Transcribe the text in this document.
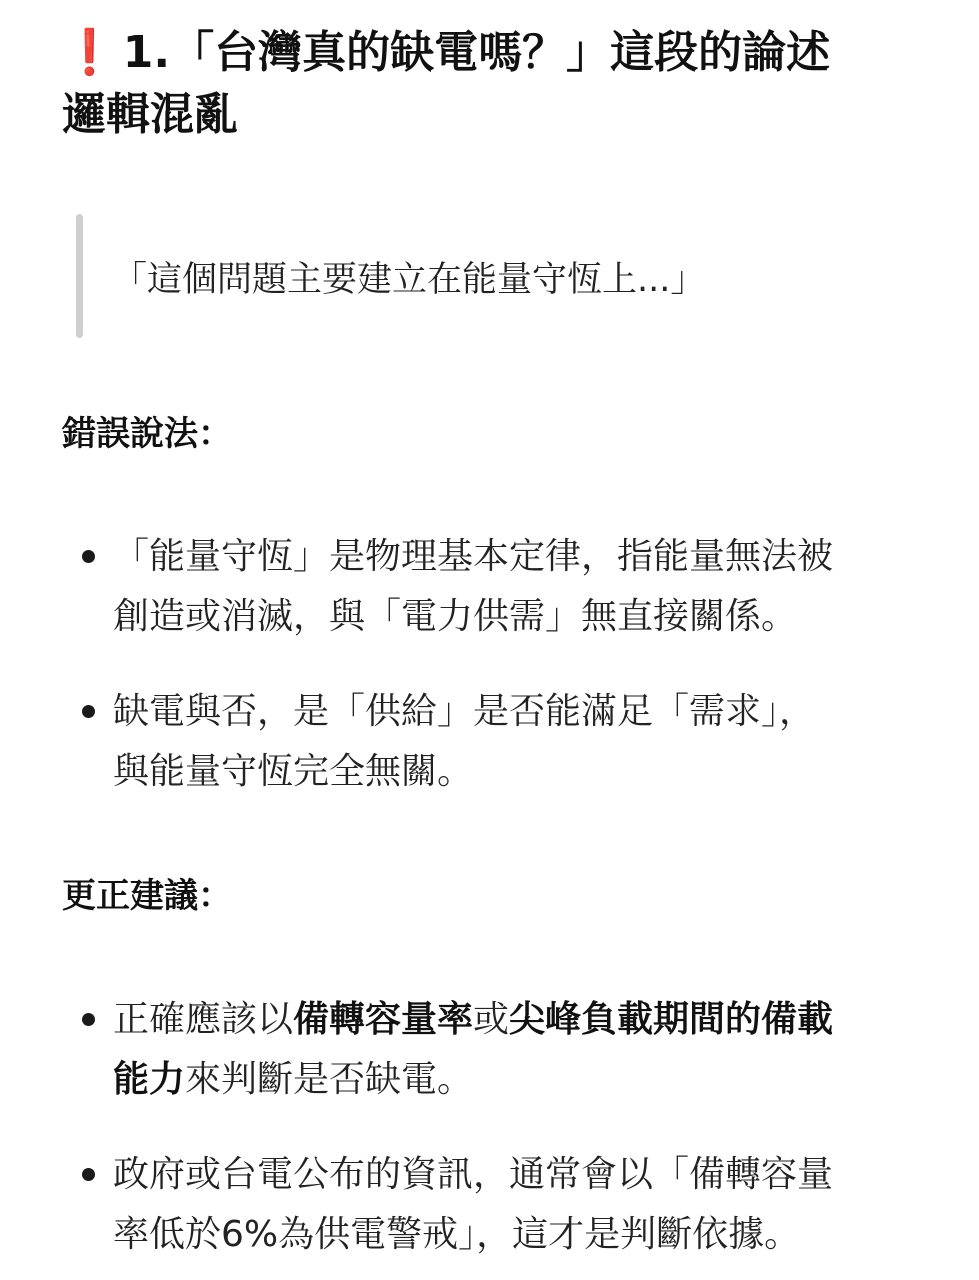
❗ 1.「台灣真的缺電嗎？」這段的論述
邏輯混亂
「這個問題主要建立在能量守恆上...」
錯誤說法：
「能量守恆」是物理基本定律，指能量無法被
創造或消滅，與「電力供需」無直接關係。
缺電與否，是「供給」是否能滿足「需求」，
與能量守恆完全無關。
更正建議：
正確應該以備轉容量率或尖峰負載期間的備載
能力來判斷是否缺電。
政府或台電公布的資訊，通常會以「備轉容量
率低於6%為供電警戒」，這才是判斷依據。
